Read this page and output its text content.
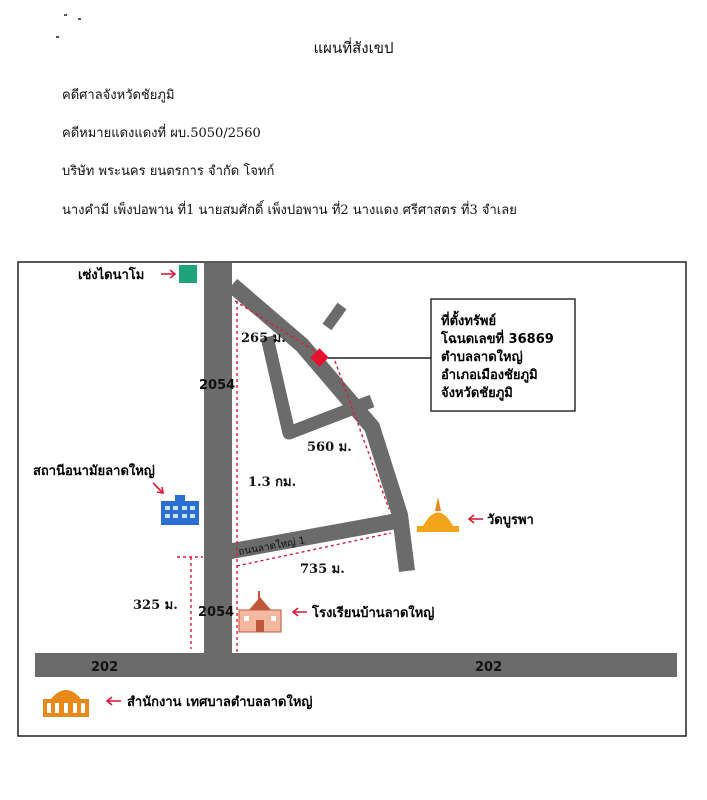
แผนที่สังเขป
คดีศาลจังหวัดชัยภูมิ
คดีหมายแดงแดงที่ ผบ.5050/2560
บริษัท พระนคร ยนตรการ จำกัด โจทก์
นางคำมี เพ็งปอพาน ที่1 นายสมศักดิ์ เพ็งปอพาน ที่2 นางแดง ศรีศาสตร ที่3 จำเลย
ที่ตั้งทรัพย์
โฉนดเลขที่ 36869
ตำบลลาดใหญ่
อำเภอเมืองชัยภูมิ
จังหวัดชัยภูมิ
2054
2054
202	202
ถนนลาดใหญ่ 1
265 ม.
560 ม.
1.3 กม.
735 ม.
325 ม.
เซ่งไดนาโม
สถานีอนามัยลาดใหญ่
วัดบูรพา
โรงเรียนบ้านลาดใหญ่
สำนักงาน เทศบาลตำบลลาดใหญ่
